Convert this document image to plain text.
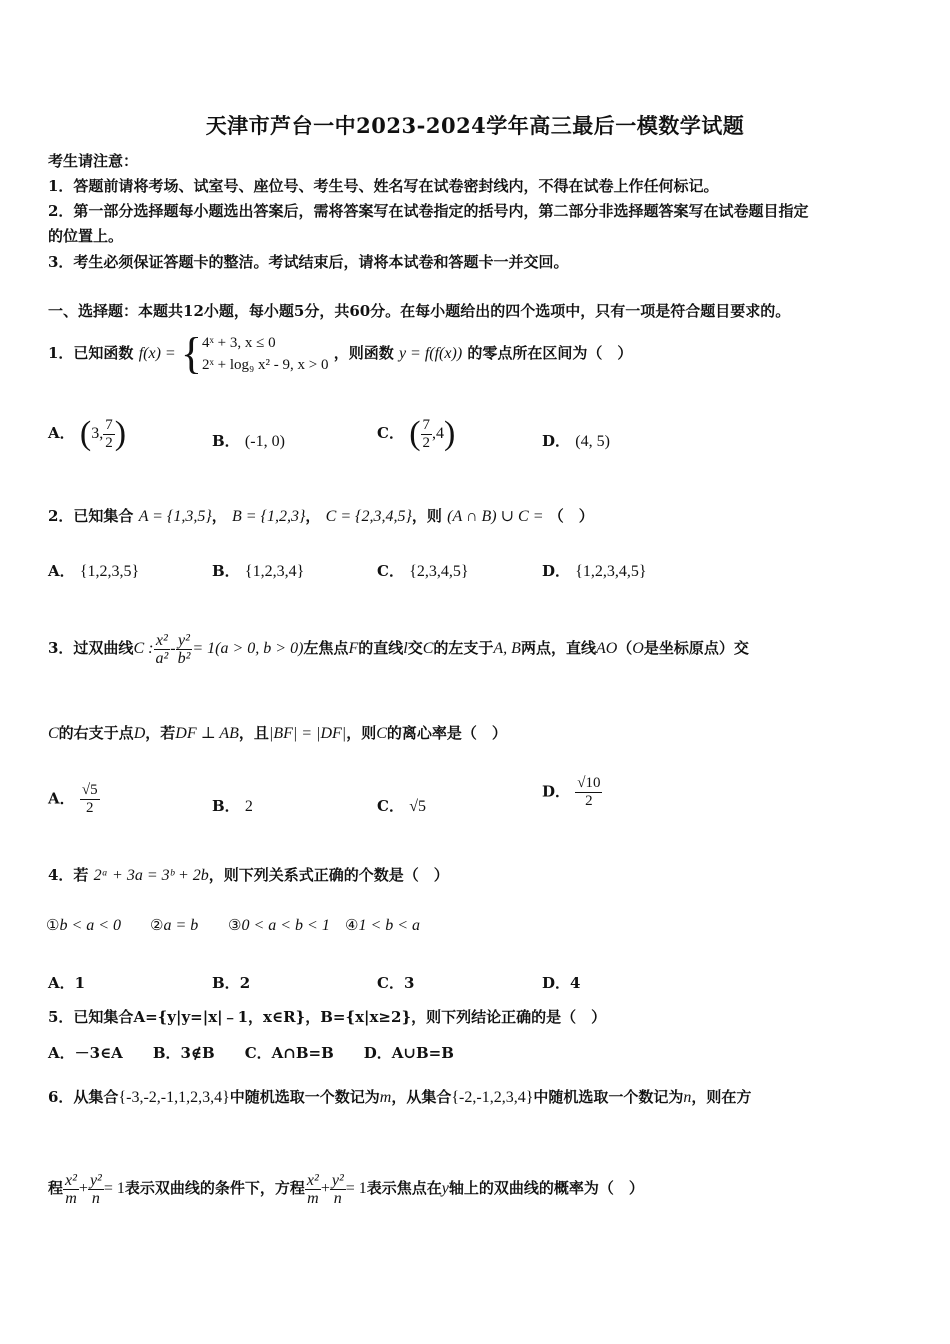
天津市芦台一中2023-2024学年高三最后一模数学试题
考生请注意：
1．答题前请将考场、试室号、座位号、考生号、姓名写在试卷密封线内，不得在试卷上作任何标记。
2．第一部分选择题每小题选出答案后，需将答案写在试卷指定的括号内，第二部分非选择题答案写在试卷题目指定
的位置上。
3．考生必须保证答题卡的整洁。考试结束后，请将本试卷和答题卡一并交回。
一、选择题：本题共12小题，每小题5分，共60分。在每小题给出的四个选项中，只有一项是符合题目要求的。
1．已知函数 f(x) = { 4ˣ + 3, x ≤ 0
2ˣ + log₉ x² - 9, x > 0
，则函数 y = f(f(x)) 的零点所在区间为（　）
A． (3, $\frac{7}{2}$ )	B． (-1, 0)	C． ( $\frac{7}{2} ,4$)	D． (4, 5)
2．已知集合 A = {1,3,5}， B = {1,2,3}， C = {2,3,4,5}，则 (A ∩ B) ∪ C = （　）
A． {1,2,3,5}	B． {1,2,3,4}	C． {2,3,4,5}	D． {1,2,3,4,5}
3．过双曲线C : $\frac{\text{x²}}{\text{a²}} - \frac{\text{y²}}{\text{b²}} = 1(a > 0$, b > 0)左焦点F的直线l交C的左支于A, B两点，直线AO（O是坐标原点）交
C的右支于点D，若DF ⊥ AB，且|BF| = |DF|，则C的离心率是（　）
A． $\frac{√5}{2}$	B． 2	C． √5
D． $\frac{√10}{2}$
4．若 2ᵃ + 3a = 3ᵇ + 2b，则下列关系式正确的个数是（　）
①b < a < 0 ②a = b ③0 < a < b < 1 ④1 < b < a
A．1	B．2	C．3	D．4
5．已知集合A={y|y=|x|﹣1，x∈R}，B={x|x≥2}，则下列结论正确的是（　）
A．－3∈A　　B．3∉B　　C．A∩B=B　　D．A∪B=B
6．从集合{-3,-2,-1,1,2,3,4}中随机选取一个数记为m，从集合{-2,-1,2,3,4}中随机选取一个数记为n，则在方
程 $\frac{\text{x²}}{m} + \frac{\text{y²}}{n} = 1$表示双曲线的条件下，方程 $\frac{\text{x²}}{m} + \frac{\text{y²}}{n} = 1$表示焦点在y轴上的双曲线的概率为（　）
